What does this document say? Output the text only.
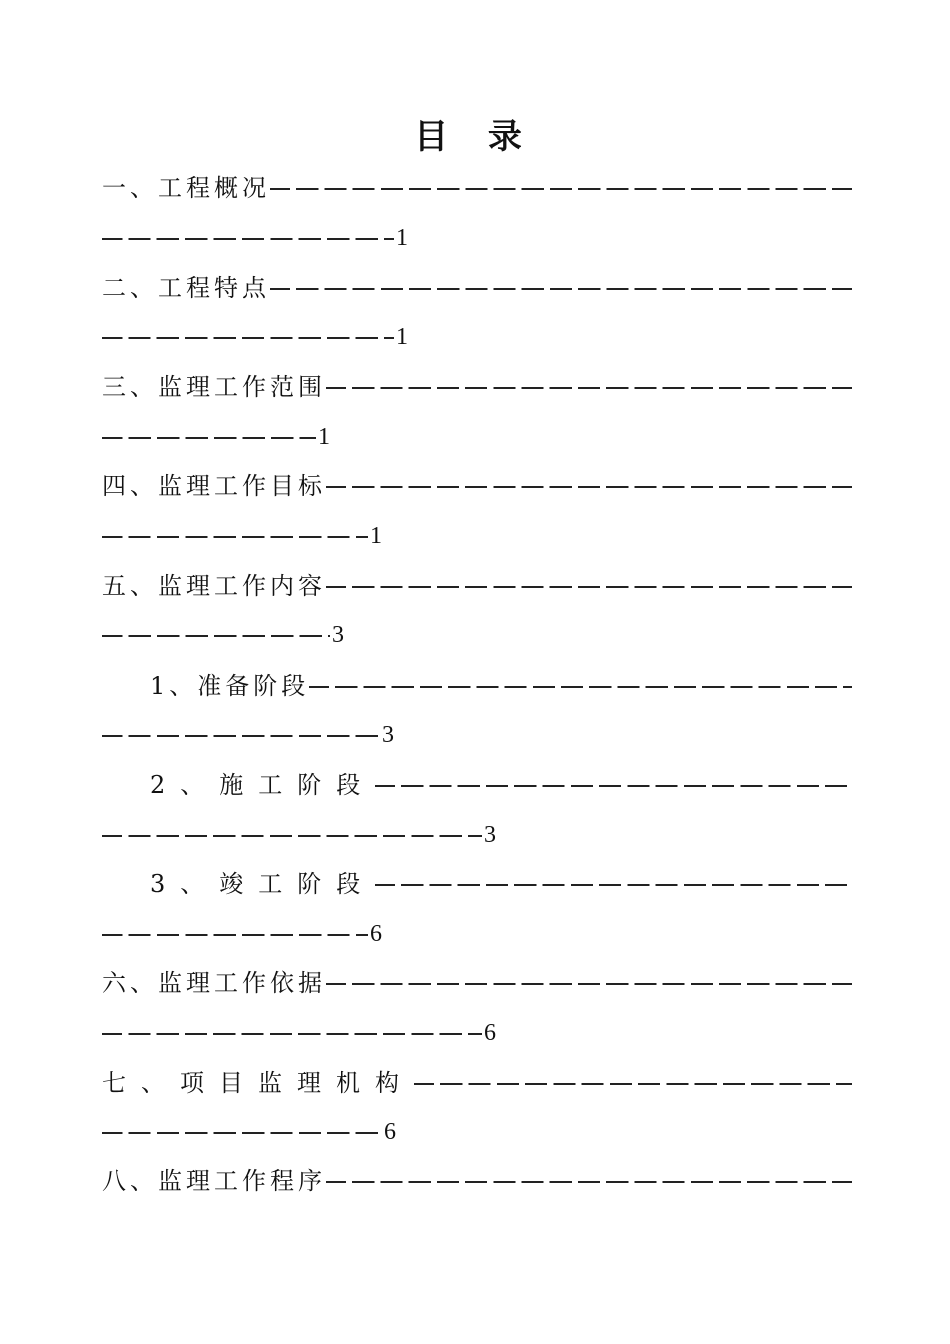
目 录
一、工程概况
1
二、工程特点
1
三、监理工作范围
1
四、监理工作目标
1
五、监理工作内容
3
1、准备阶段
3
2、施工阶段
3
3、竣工阶段
6
六、监理工作依据
6
七、项目监理机构
6
八、监理工作程序
